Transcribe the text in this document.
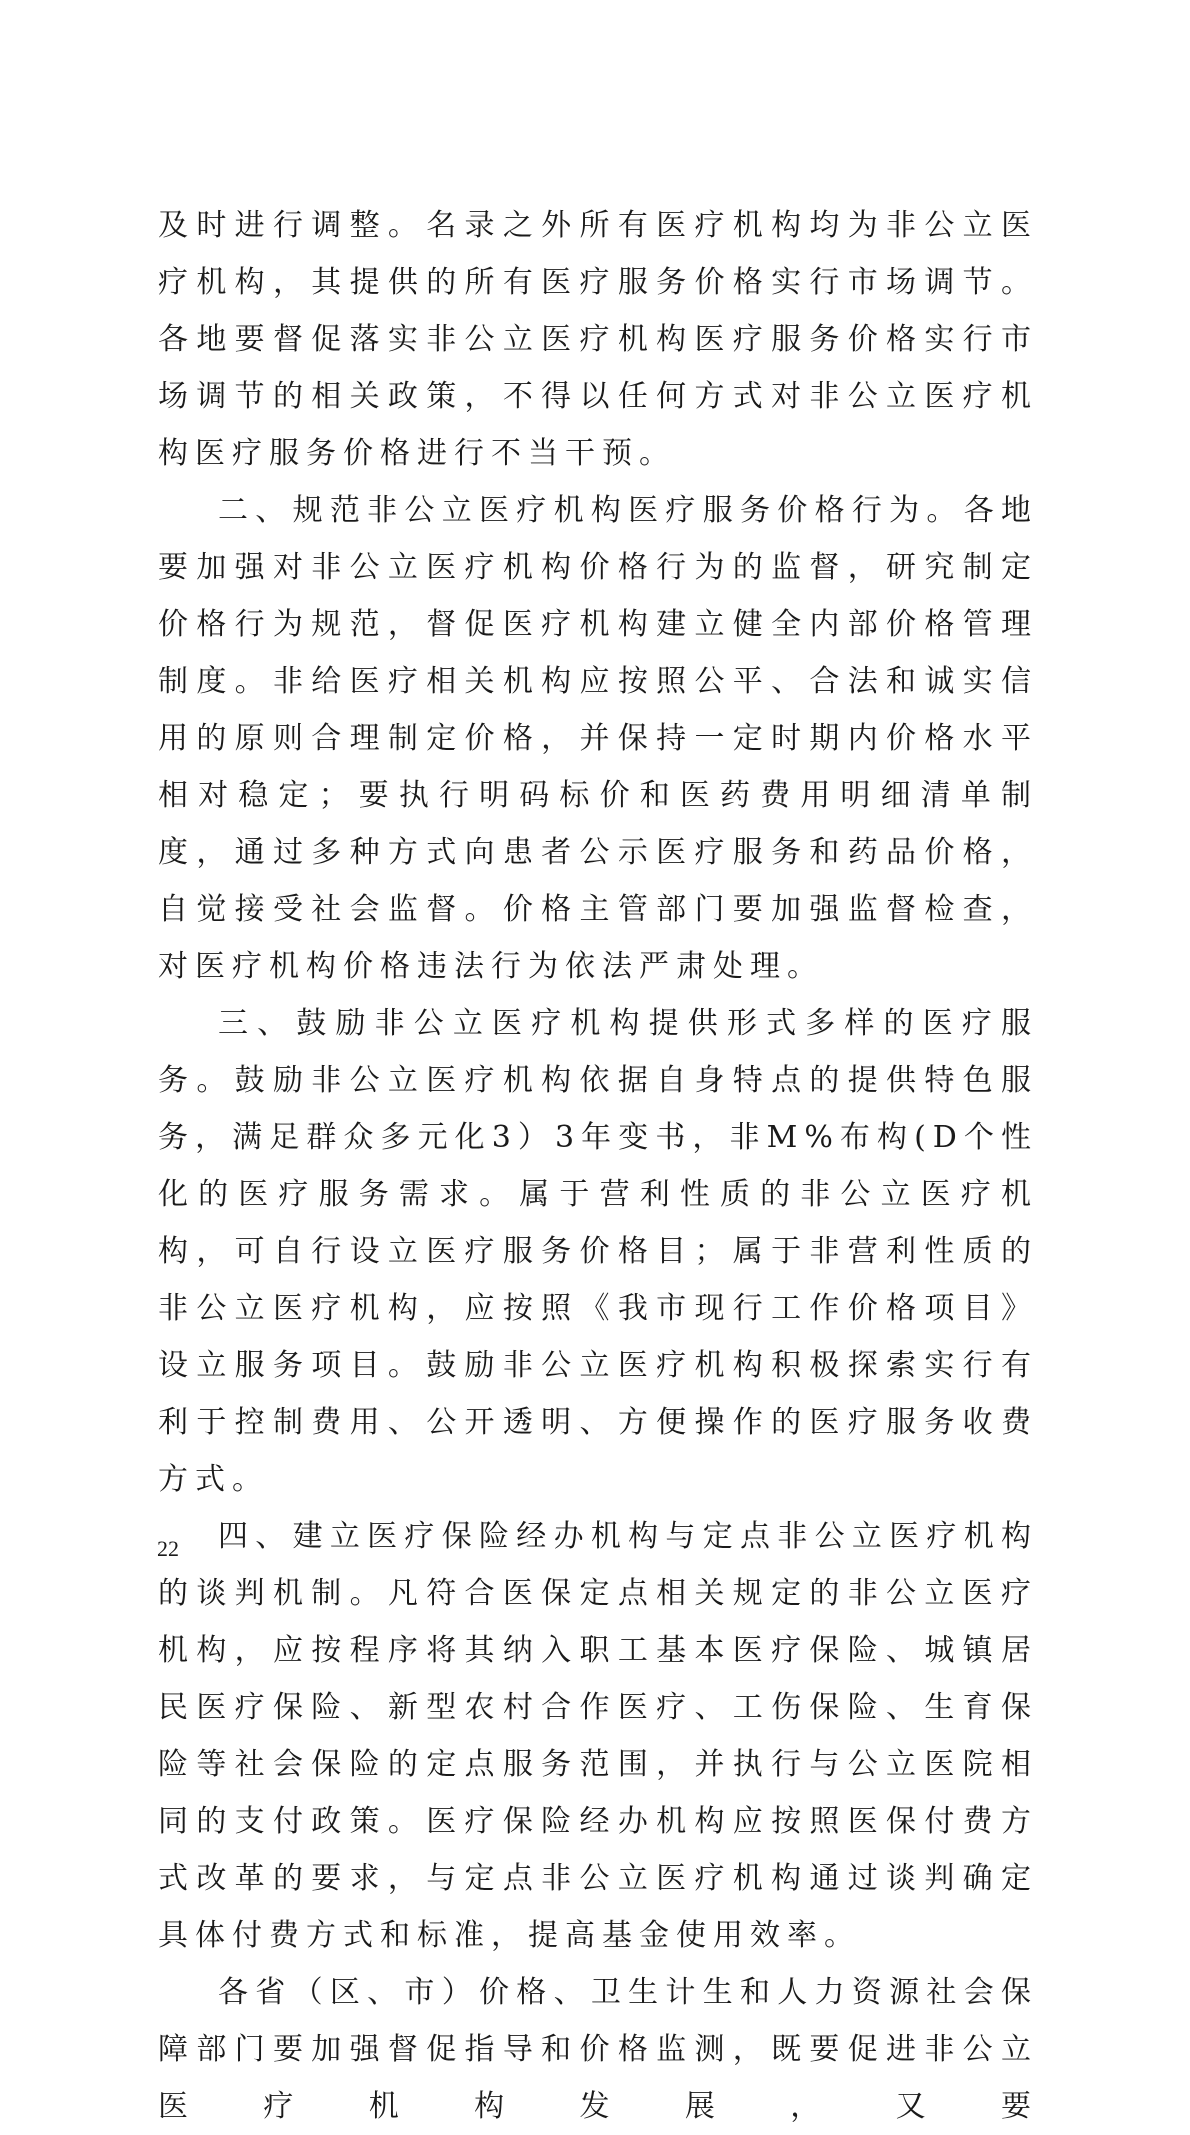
及时进行调整。名录之外所有医疗机构均为非公立医疗机构，其提供的所有医疗服务价格实行市场调节。各地要督促落实非公立医疗机构医疗服务价格实行市场调节的相关政策，不得以任何方式对非公立医疗机构医疗服务价格进行不当干预。

二、规范非公立医疗机构医疗服务价格行为。各地要加强对非公立医疗机构价格行为的监督，研究制定价格行为规范，督促医疗机构建立健全内部价格管理制度。非给医疗相关机构应按照公平、合法和诚实信用的原则合理制定价格，并保持一定时期内价格水平相对稳定；要执行明码标价和医药费用明细清单制度，通过多种方式向患者公示医疗服务和药品价格，自觉接受社会监督。价格主管部门要加强监督检查，对医疗机构价格违法行为依法严肃处理。

三、鼓励非公立医疗机构提供形式多样的医疗服务。鼓励非公立医疗机构依据自身特点的提供特色服务，满足群众多元化3）3年变书，非M%布构(D个性化的医疗服务需求。属于营利性质的非公立医疗机构，可自行设立医疗服务价格目；属于非营利性质的非公立医疗机构，应按照《我市现行工作价格项目》设立服务项目。鼓励非公立医疗机构积极探索实行有利于控制费用、公开透明、方便操作的医疗服务收费方式。

四、建立医疗保险经办机构与定点非公立医疗机构的谈判机制。凡符合医保定点相关规定的非公立医疗机构，应按程序将其纳入职工基本医疗保险、城镇居民医疗保险、新型农村合作医疗、工伤保险、生育保险等社会保险的定点服务范围，并执行与公立医院相同的支付政策。医疗保险经办机构应按照医保付费方式改革的要求，与定点非公立医疗机构通过谈判确定具体付费方式和标准，提高基金使用效率。

各省（区、市）价格、卫生计生和人力资源社会保障部门要加强督促指导和价格监测，既要促进非公立医疗机构发展，又要

22
